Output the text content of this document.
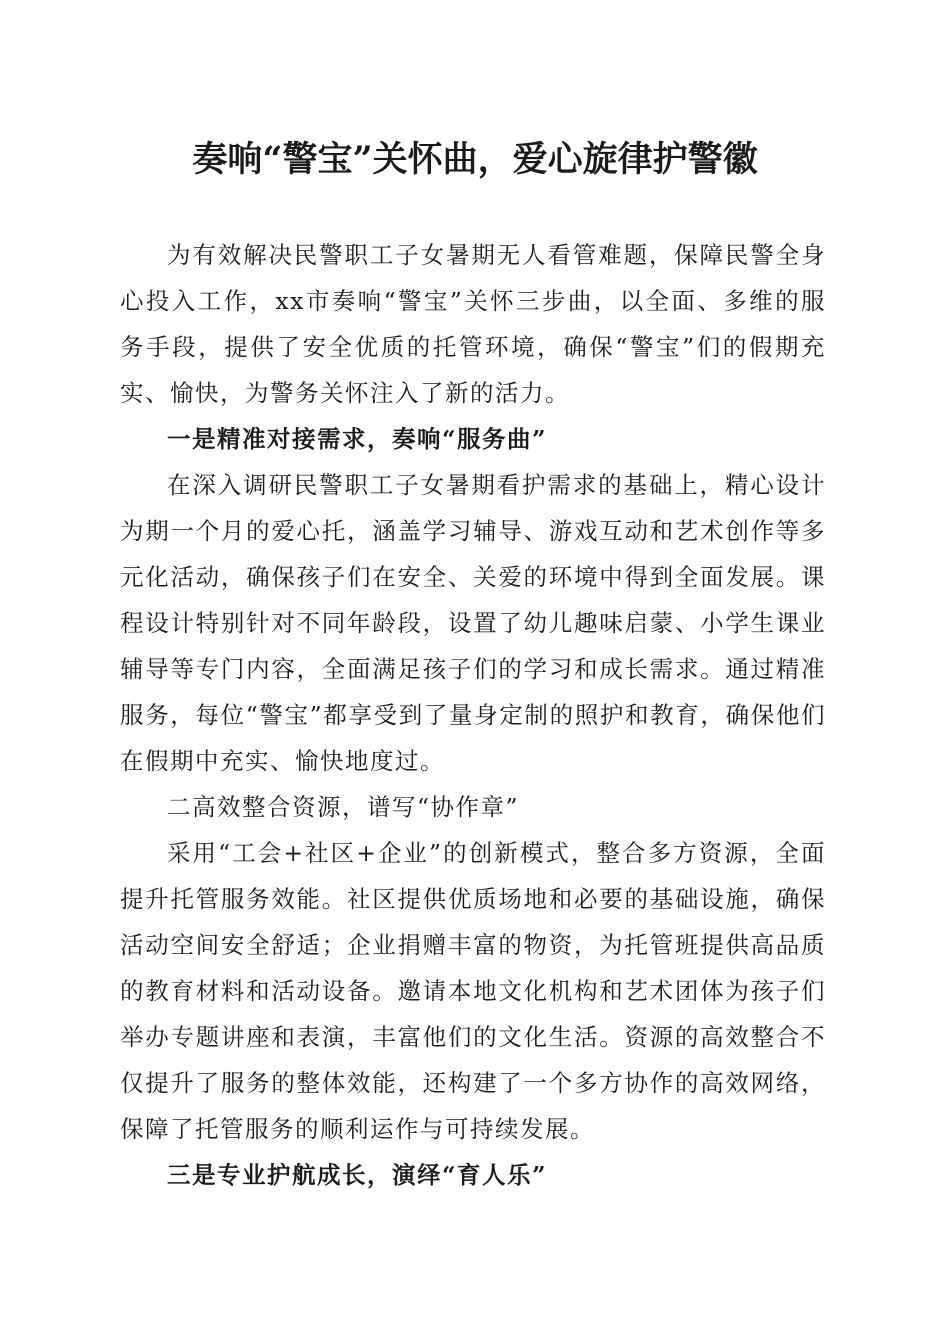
奏响“警宝”关怀曲，爱心旋律护警徽

为有效解决民警职工子女暑期无人看管难题，保障民警全身心投入工作，xx市奏响“警宝”关怀三步曲，以全面、多维的服务手段，提供了安全优质的托管环境，确保“警宝”们的假期充实、愉快，为警务关怀注入了新的活力。

一是精准对接需求，奏响“服务曲”

在深入调研民警职工子女暑期看护需求的基础上，精心设计为期一个月的爱心托，涵盖学习辅导、游戏互动和艺术创作等多元化活动，确保孩子们在安全、关爱的环境中得到全面发展。课程设计特别针对不同年龄段，设置了幼儿趣味启蒙、小学生课业辅导等专门内容，全面满足孩子们的学习和成长需求。通过精准服务，每位“警宝”都享受到了量身定制的照护和教育，确保他们在假期中充实、愉快地度过。

二高效整合资源，谱写“协作章”

采用“工会+社区+企业”的创新模式，整合多方资源，全面提升托管服务效能。社区提供优质场地和必要的基础设施，确保活动空间安全舒适；企业捐赠丰富的物资，为托管班提供高品质的教育材料和活动设备。邀请本地文化机构和艺术团体为孩子们举办专题讲座和表演，丰富他们的文化生活。资源的高效整合不仅提升了服务的整体效能，还构建了一个多方协作的高效网络，保障了托管服务的顺利运作与可持续发展。

三是专业护航成长，演绎“育人乐”
